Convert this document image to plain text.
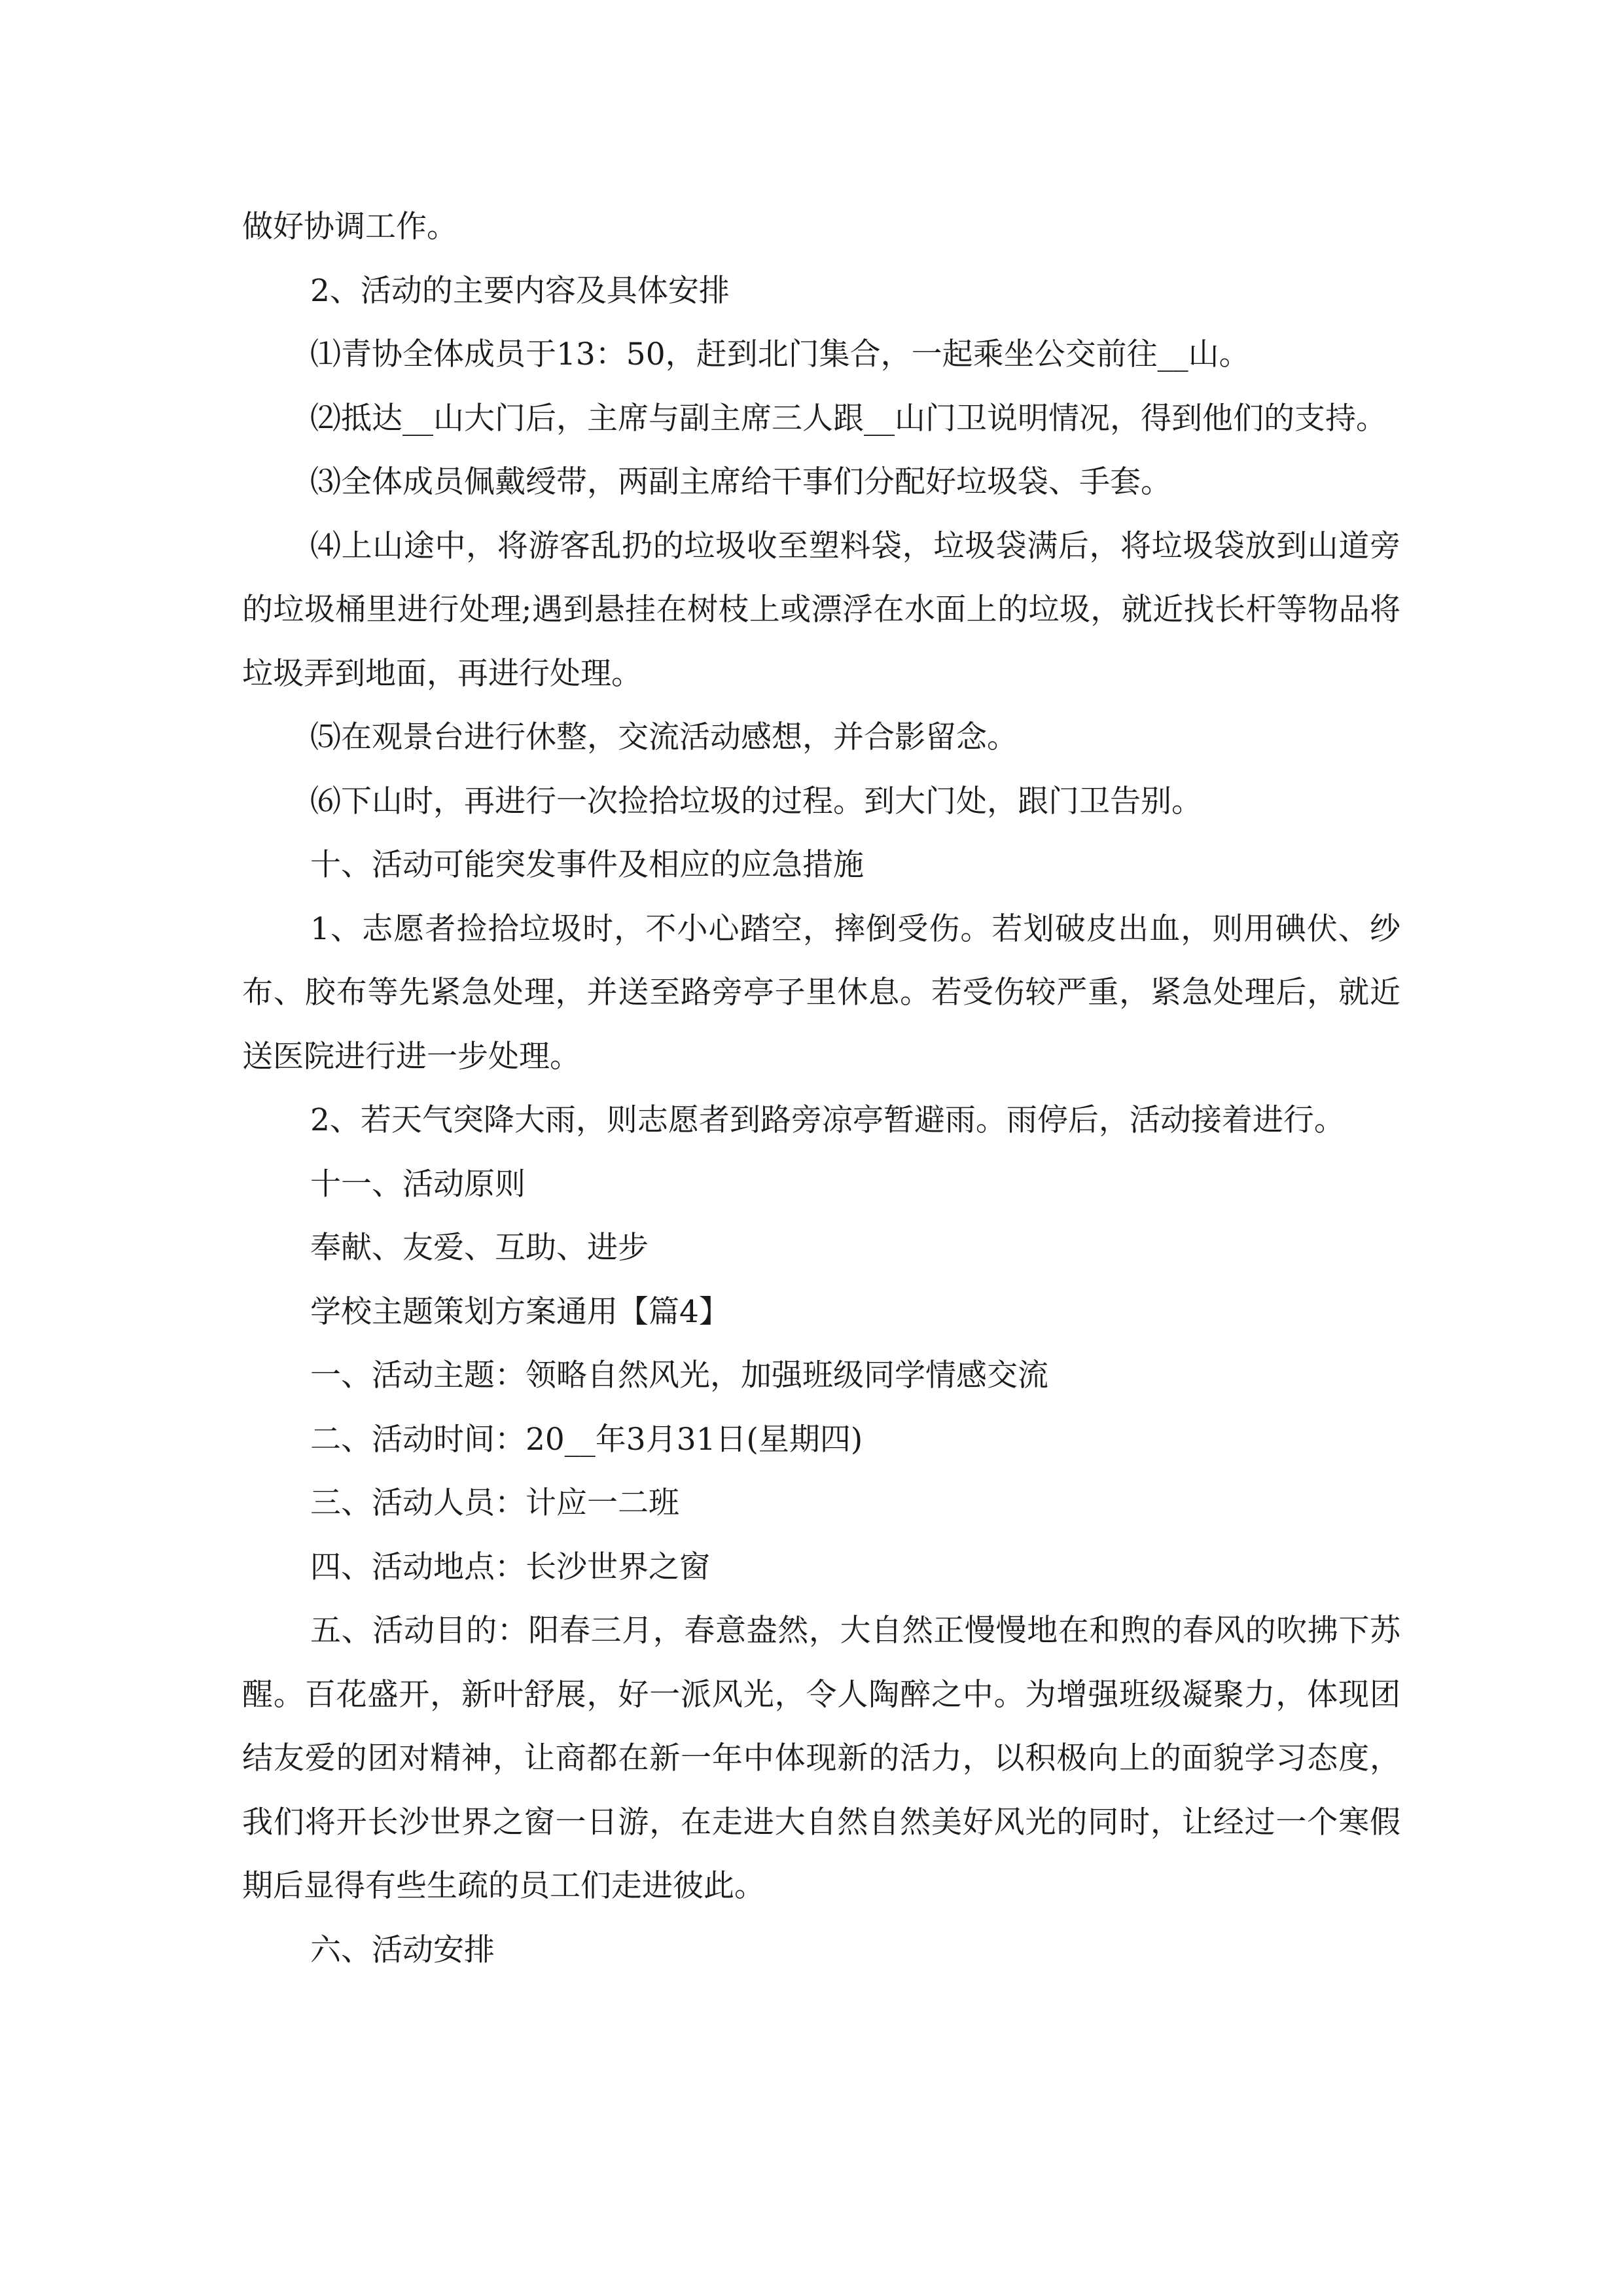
做好协调工作。

2、活动的主要内容及具体安排

⑴青协全体成员于13：50，赶到北门集合，一起乘坐公交前往__山。

⑵抵达__山大门后，主席与副主席三人跟__山门卫说明情况，得到他们的支持。

⑶全体成员佩戴绶带，两副主席给干事们分配好垃圾袋、手套。

⑷上山途中，将游客乱扔的垃圾收至塑料袋，垃圾袋满后，将垃圾袋放到山道旁的垃圾桶里进行处理;遇到悬挂在树枝上或漂浮在水面上的垃圾，就近找长杆等物品将垃圾弄到地面，再进行处理。

⑸在观景台进行休整，交流活动感想，并合影留念。

⑹下山时，再进行一次捡拾垃圾的过程。到大门处，跟门卫告别。

十、活动可能突发事件及相应的应急措施

1、志愿者捡拾垃圾时，不小心踏空，摔倒受伤。若划破皮出血，则用碘伏、纱布、胶布等先紧急处理，并送至路旁亭子里休息。若受伤较严重，紧急处理后，就近送医院进行进一步处理。

2、若天气突降大雨，则志愿者到路旁凉亭暂避雨。雨停后，活动接着进行。

十一、活动原则

奉献、友爱、互助、进步

学校主题策划方案通用【篇4】

一、活动主题：领略自然风光，加强班级同学情感交流

二、活动时间：20__年3月31日(星期四)

三、活动人员：计应一二班

四、活动地点：长沙世界之窗

五、活动目的：阳春三月，春意盎然，大自然正慢慢地在和煦的春风的吹拂下苏醒。百花盛开，新叶舒展，好一派风光，令人陶醉之中。为增强班级凝聚力，体现团结友爱的团对精神，让商都在新一年中体现新的活力，以积极向上的面貌学习态度，我们将开长沙世界之窗一日游，在走进大自然自然美好风光的同时，让经过一个寒假期后显得有些生疏的员工们走进彼此。

六、活动安排
